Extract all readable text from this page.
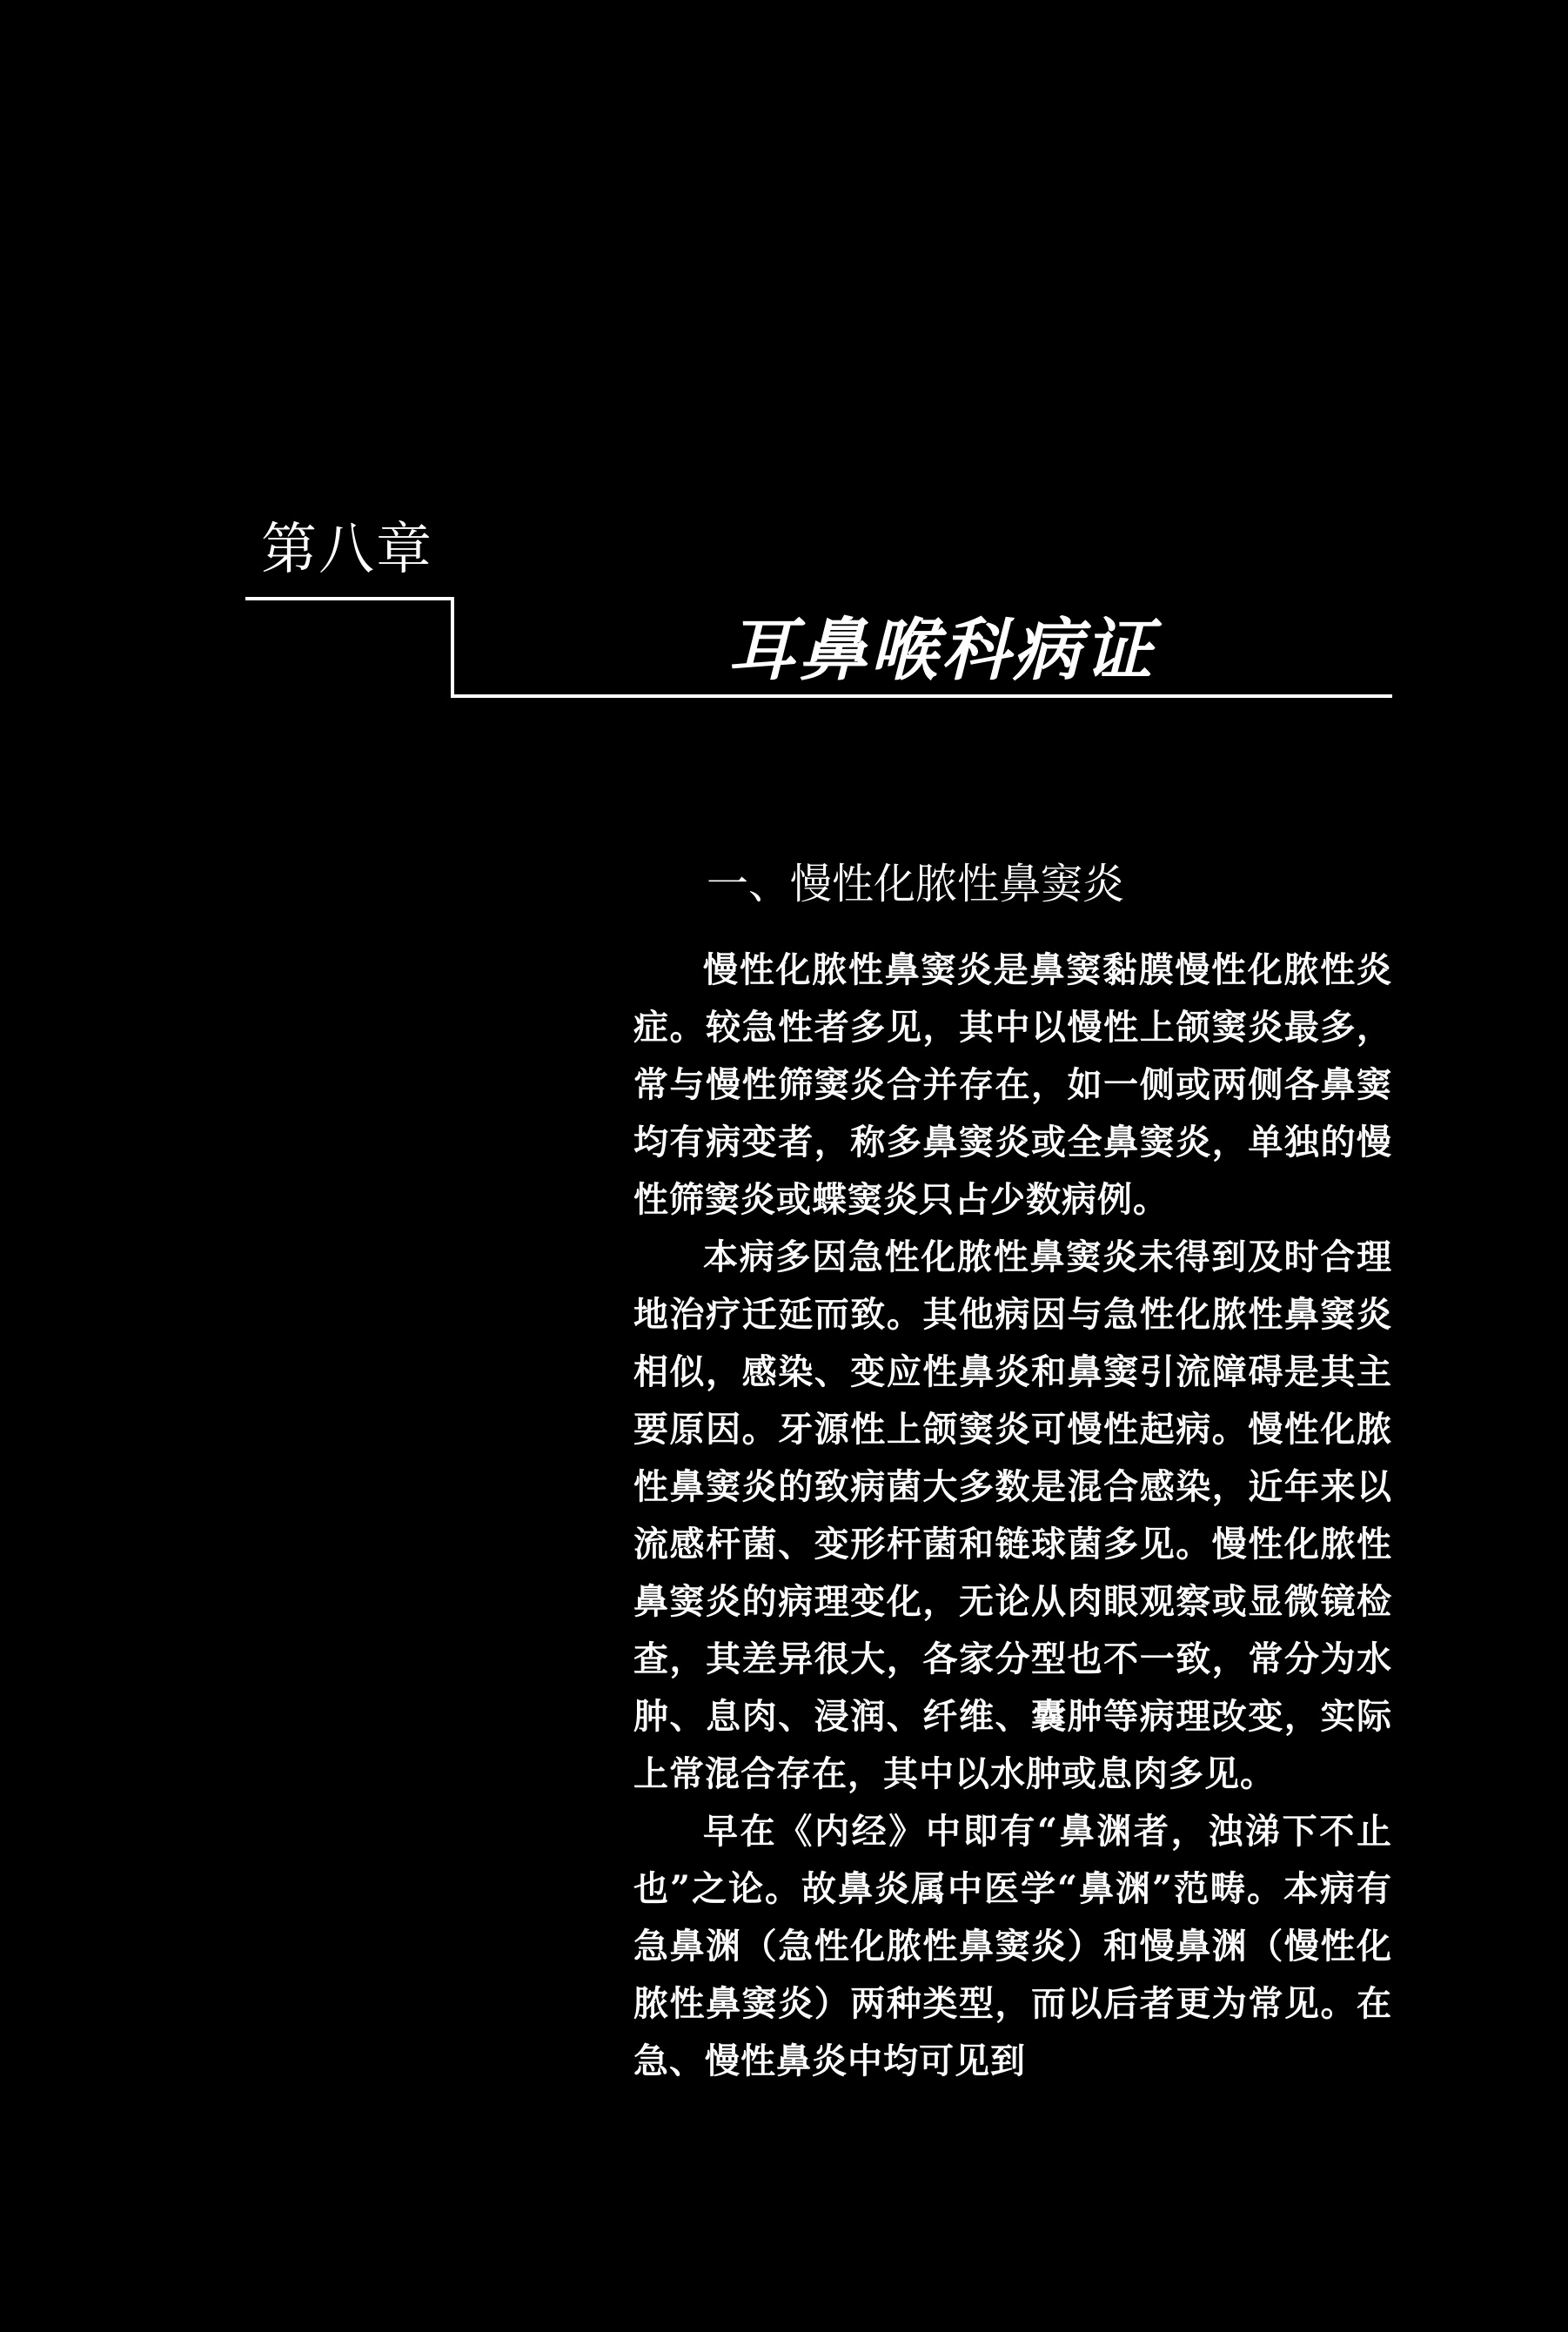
第八章
耳鼻喉科病证
一、慢性化脓性鼻窦炎

慢性化脓性鼻窦炎是鼻窦黏膜慢性化脓性炎症。较急性者多见，其中以慢性上颌窦炎最多，常与慢性筛窦炎合并存在，如一侧或两侧各鼻窦均有病变者，称多鼻窦炎或全鼻窦炎，单独的慢性筛窦炎或蝶窦炎只占少数病例。

本病多因急性化脓性鼻窦炎未得到及时合理地治疗迁延而致。其他病因与急性化脓性鼻窦炎相似，感染、变应性鼻炎和鼻窦引流障碍是其主要原因。牙源性上颌窦炎可慢性起病。慢性化脓性鼻窦炎的致病菌大多数是混合感染，近年来以流感杆菌、变形杆菌和链球菌多见。慢性化脓性鼻窦炎的病理变化，无论从肉眼观察或显微镜检查，其差异很大，各家分型也不一致，常分为水肿、息肉、浸润、纤维、囊肿等病理改变，实际上常混合存在，其中以水肿或息肉多见。

早在《内经》中即有“鼻渊者，浊涕下不止也”之论。故鼻炎属中医学“鼻渊”范畴。本病有急鼻渊（急性化脓性鼻窦炎）和慢鼻渊（慢性化脓性鼻窦炎）两种类型，而以后者更为常见。在急、慢性鼻炎中均可见到
